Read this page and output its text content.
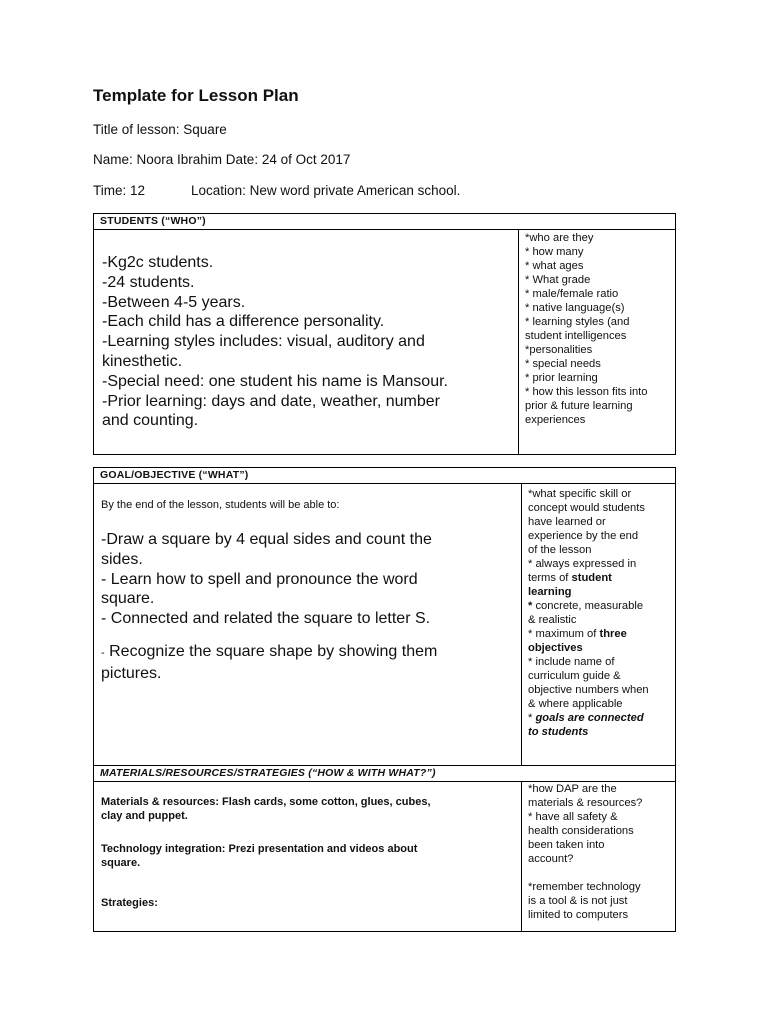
Template for Lesson Plan

Title of lesson: Square

Name: Noora Ibrahim Date: 24 of Oct 2017

Time: 12	Location: New word private American school.

STUDENTS (“WHO”)

-Kg2c students.

-24 students.

-Between 4-5 years.

-Each child has a difference personality.

-Learning styles includes: visual, auditory and

kinesthetic.

-Special need: one student his name is Mansour.

-Prior learning: days and date, weather, number

and counting.

*who are they
* how many
* what ages
* What grade
* male/female ratio
* native language(s)
* learning styles (and
student intelligences
*personalities
* special needs
* prior learning
* how this lesson fits into
prior & future learning
experiences
GOAL/OBJECTIVE (“WHAT”)

By the end of the lesson, students will be able to:

-Draw a square by 4 equal sides and count the

sides.

- Learn how to spell and pronounce the word

square.

- Connected and related the square to letter S.

- Recognize the square shape by showing them

pictures.

*what specific skill or
concept would students
have learned or
experience by the end
of the lesson
* always expressed in
terms of student
learning
* concrete, measurable
& realistic
* maximum of three
objectives
* include name of
curriculum guide &
objective numbers when
& where applicable
* goals are connected
to students
MATERIALS/RESOURCES/STRATEGIES (“HOW & WITH WHAT?”)

Materials & resources: Flash cards, some cotton, glues, cubes,

clay and puppet.

Technology integration: Prezi presentation and videos about

square.

Strategies:

*how DAP are the
materials & resources?
* have all safety &
health considerations
been taken into
account?
*remember technology
is a tool & is not just
limited to computers
